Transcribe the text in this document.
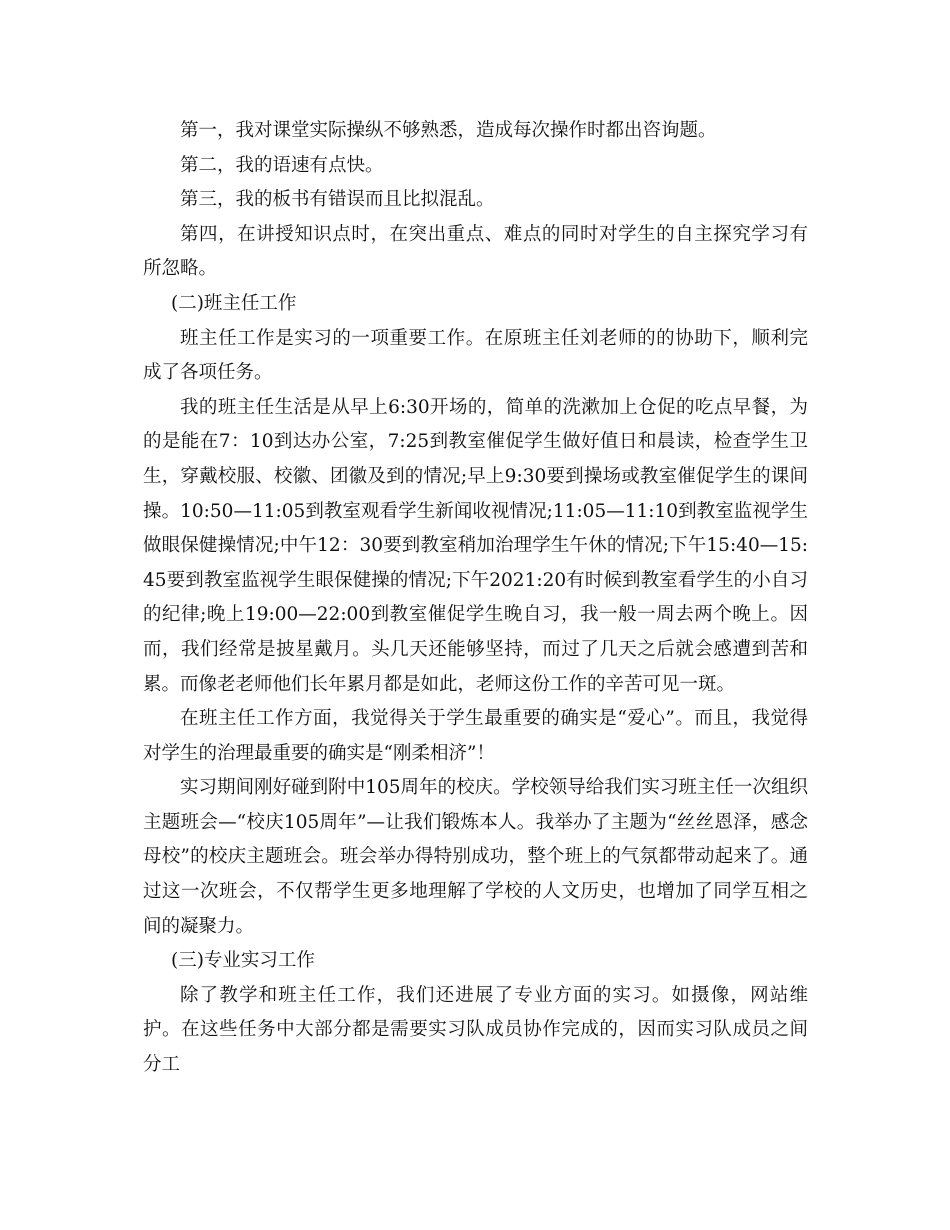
第一，我对课堂实际操纵不够熟悉，造成每次操作时都出咨询题。

第二，我的语速有点快。

第三，我的板书有错误而且比拟混乱。

第四，在讲授知识点时，在突出重点、难点的同时对学生的自主探究学习有所忽略。

(二)班主任工作

班主任工作是实习的一项重要工作。在原班主任刘老师的的协助下，顺利完成了各项任务。

我的班主任生活是从早上6:30开场的，简单的洗漱加上仓促的吃点早餐，为的是能在7：10到达办公室，7:25到教室催促学生做好值日和晨读，检查学生卫生，穿戴校服、校徽、团徽及到的情况;早上9:30要到操场或教室催促学生的课间操。10:50—11:05到教室观看学生新闻收视情况;11:05—11:10到教室监视学生做眼保健操情况;中午12：30要到教室稍加治理学生午休的情况;下午15:40—15:45要到教室监视学生眼保健操的情况;下午2021:20有时候到教室看学生的小自习的纪律;晚上19:00—22:00到教室催促学生晚自习，我一般一周去两个晚上。因而，我们经常是披星戴月。头几天还能够坚持，而过了几天之后就会感遭到苦和累。而像老老师他们长年累月都是如此，老师这份工作的辛苦可见一斑。

在班主任工作方面，我觉得关于学生最重要的确实是“爱心”。而且，我觉得对学生的治理最重要的确实是“刚柔相济”！

实习期间刚好碰到附中105周年的校庆。学校领导给我们实习班主任一次组织主题班会—“校庆105周年”—让我们锻炼本人。我举办了主题为“丝丝恩泽，感念母校”的校庆主题班会。班会举办得特别成功，整个班上的气氛都带动起来了。通过这一次班会，不仅帮学生更多地理解了学校的人文历史，也增加了同学互相之间的凝聚力。

(三)专业实习工作

除了教学和班主任工作，我们还进展了专业方面的实习。如摄像，网站维护。在这些任务中大部分都是需要实习队成员协作完成的，因而实习队成员之间分工
